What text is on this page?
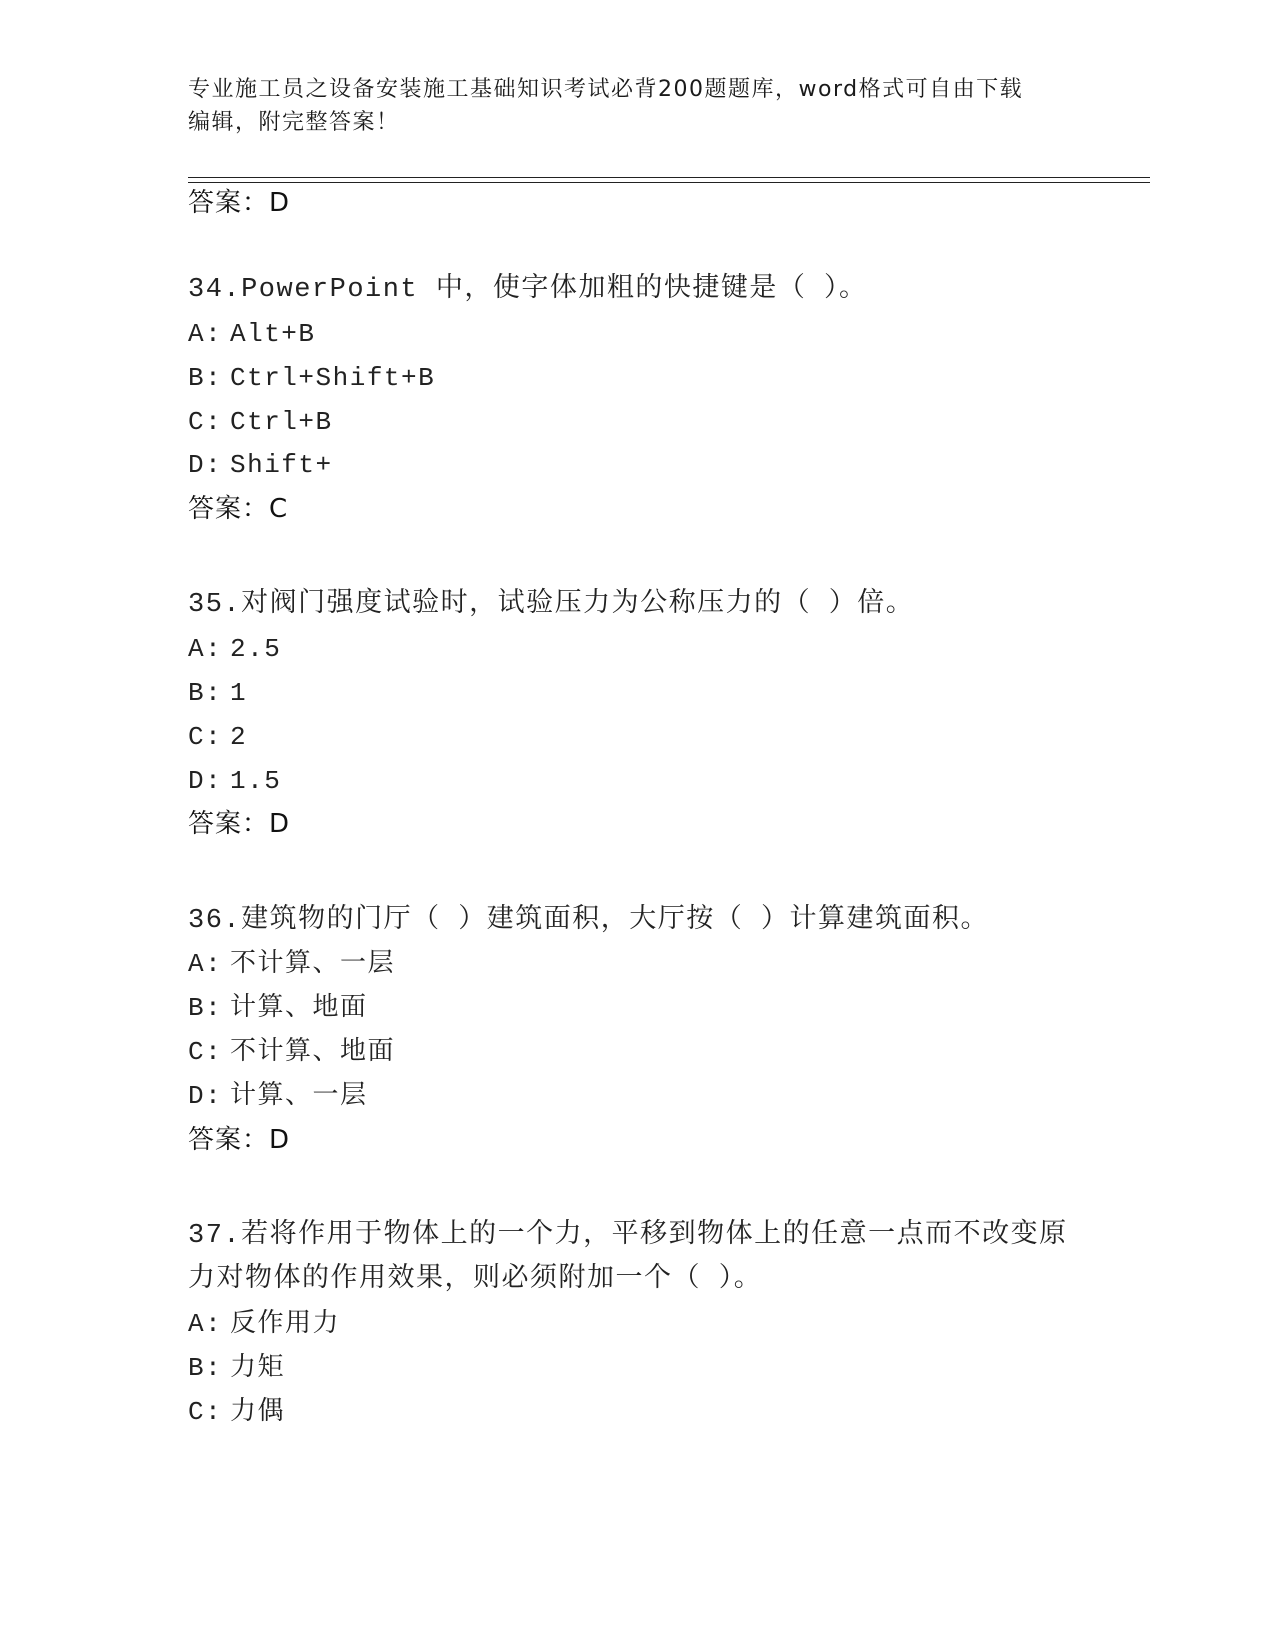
专业施工员之设备安装施工基础知识考试必背200题题库，word格式可自由下载
编辑，附完整答案！
答案：D
34.PowerPoint 中，使字体加粗的快捷键是（ ）。
A: Alt+B
B: Ctrl+Shift+B
C: Ctrl+B
D: Shift+
答案：C
35.对阀门强度试验时，试验压力为公称压力的（ ）倍。
A: 2.5
B: 1
C: 2
D: 1.5
答案：D
36.建筑物的门厅（ ）建筑面积，大厅按（ ）计算建筑面积。
A: 不计算、一层
B: 计算、地面
C: 不计算、地面
D: 计算、一层
答案：D
37.若将作用于物体上的一个力，平移到物体上的任意一点而不改变原
力对物体的作用效果，则必须附加一个（ ）。
A: 反作用力
B: 力矩
C: 力偶
